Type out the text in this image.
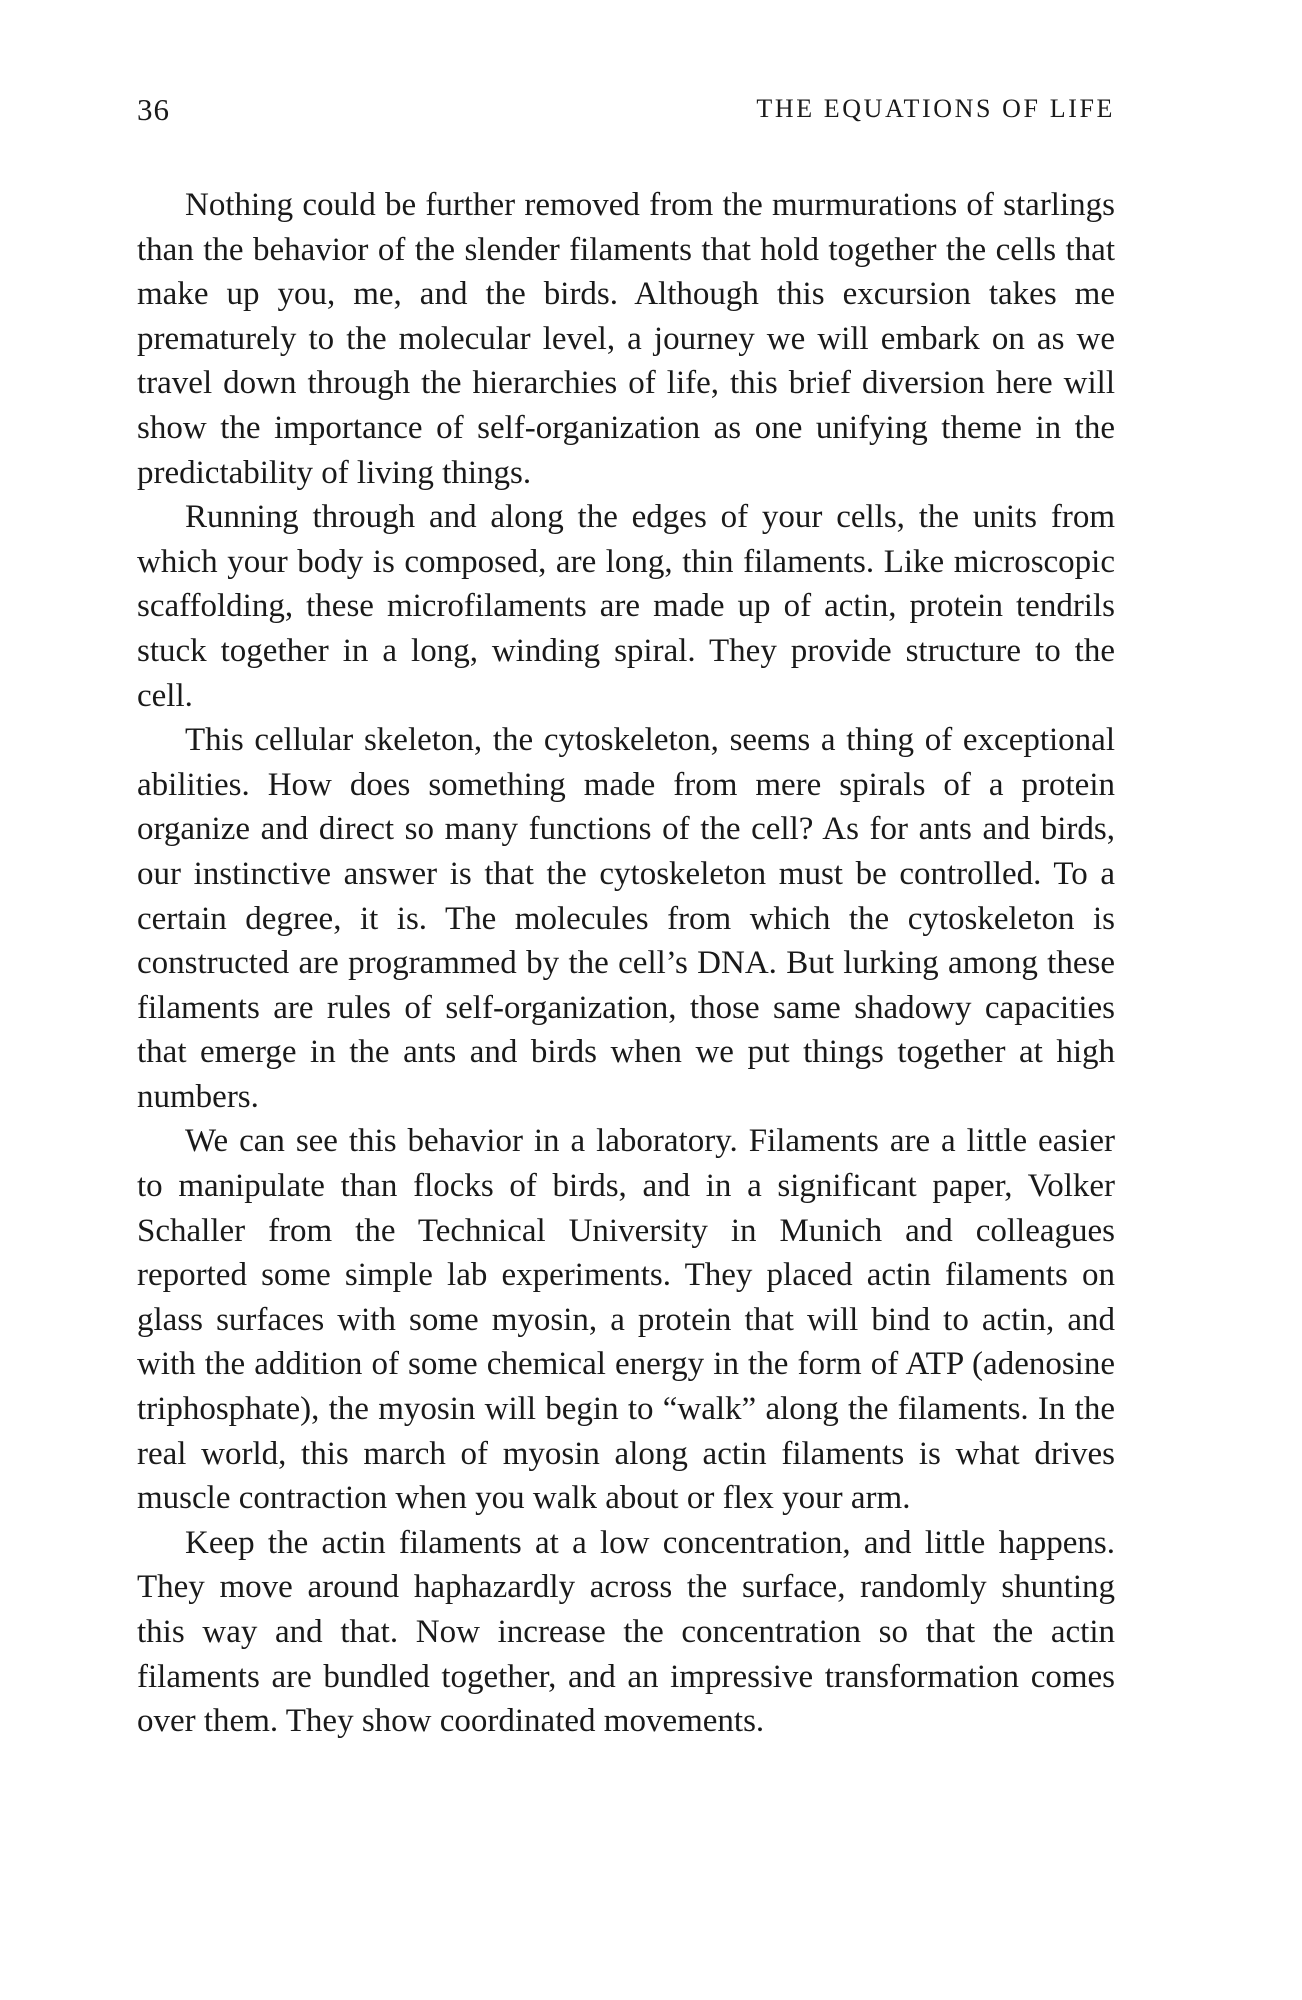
36	THE EQUATIONS OF LIFE

Nothing could be further removed from the murmurations of starlings than the behavior of the slender filaments that hold together the cells that make up you, me, and the birds. Although this excursion takes me prematurely to the molecular level, a journey we will embark on as we travel down through the hierarchies of life, this brief diversion here will show the importance of self-organization as one unifying theme in the predictability of living things.

Running through and along the edges of your cells, the units from which your body is composed, are long, thin filaments. Like microscopic scaffolding, these microfilaments are made up of actin, protein tendrils stuck together in a long, winding spiral. They provide structure to the cell.

This cellular skeleton, the cytoskeleton, seems a thing of exceptional abilities. How does something made from mere spirals of a protein organize and direct so many functions of the cell? As for ants and birds, our instinctive answer is that the cytoskeleton must be controlled. To a certain degree, it is. The molecules from which the cytoskeleton is constructed are programmed by the cell’s DNA. But lurking among these filaments are rules of self-organization, those same shadowy capacities that emerge in the ants and birds when we put things together at high numbers.

We can see this behavior in a laboratory. Filaments are a little easier to manipulate than flocks of birds, and in a significant paper, Volker Schaller from the Technical University in Munich and colleagues reported some simple lab experiments. They placed actin filaments on glass surfaces with some myosin, a protein that will bind to actin, and with the addition of some chemical energy in the form of ATP (adenosine triphosphate), the myosin will begin to “walk” along the filaments. In the real world, this march of myosin along actin filaments is what drives muscle contraction when you walk about or flex your arm.

Keep the actin filaments at a low concentration, and little happens. They move around haphazardly across the surface, randomly shunting this way and that. Now increase the concentration so that the actin filaments are bundled together, and an impressive transformation comes over them. They show coordinated movements.
